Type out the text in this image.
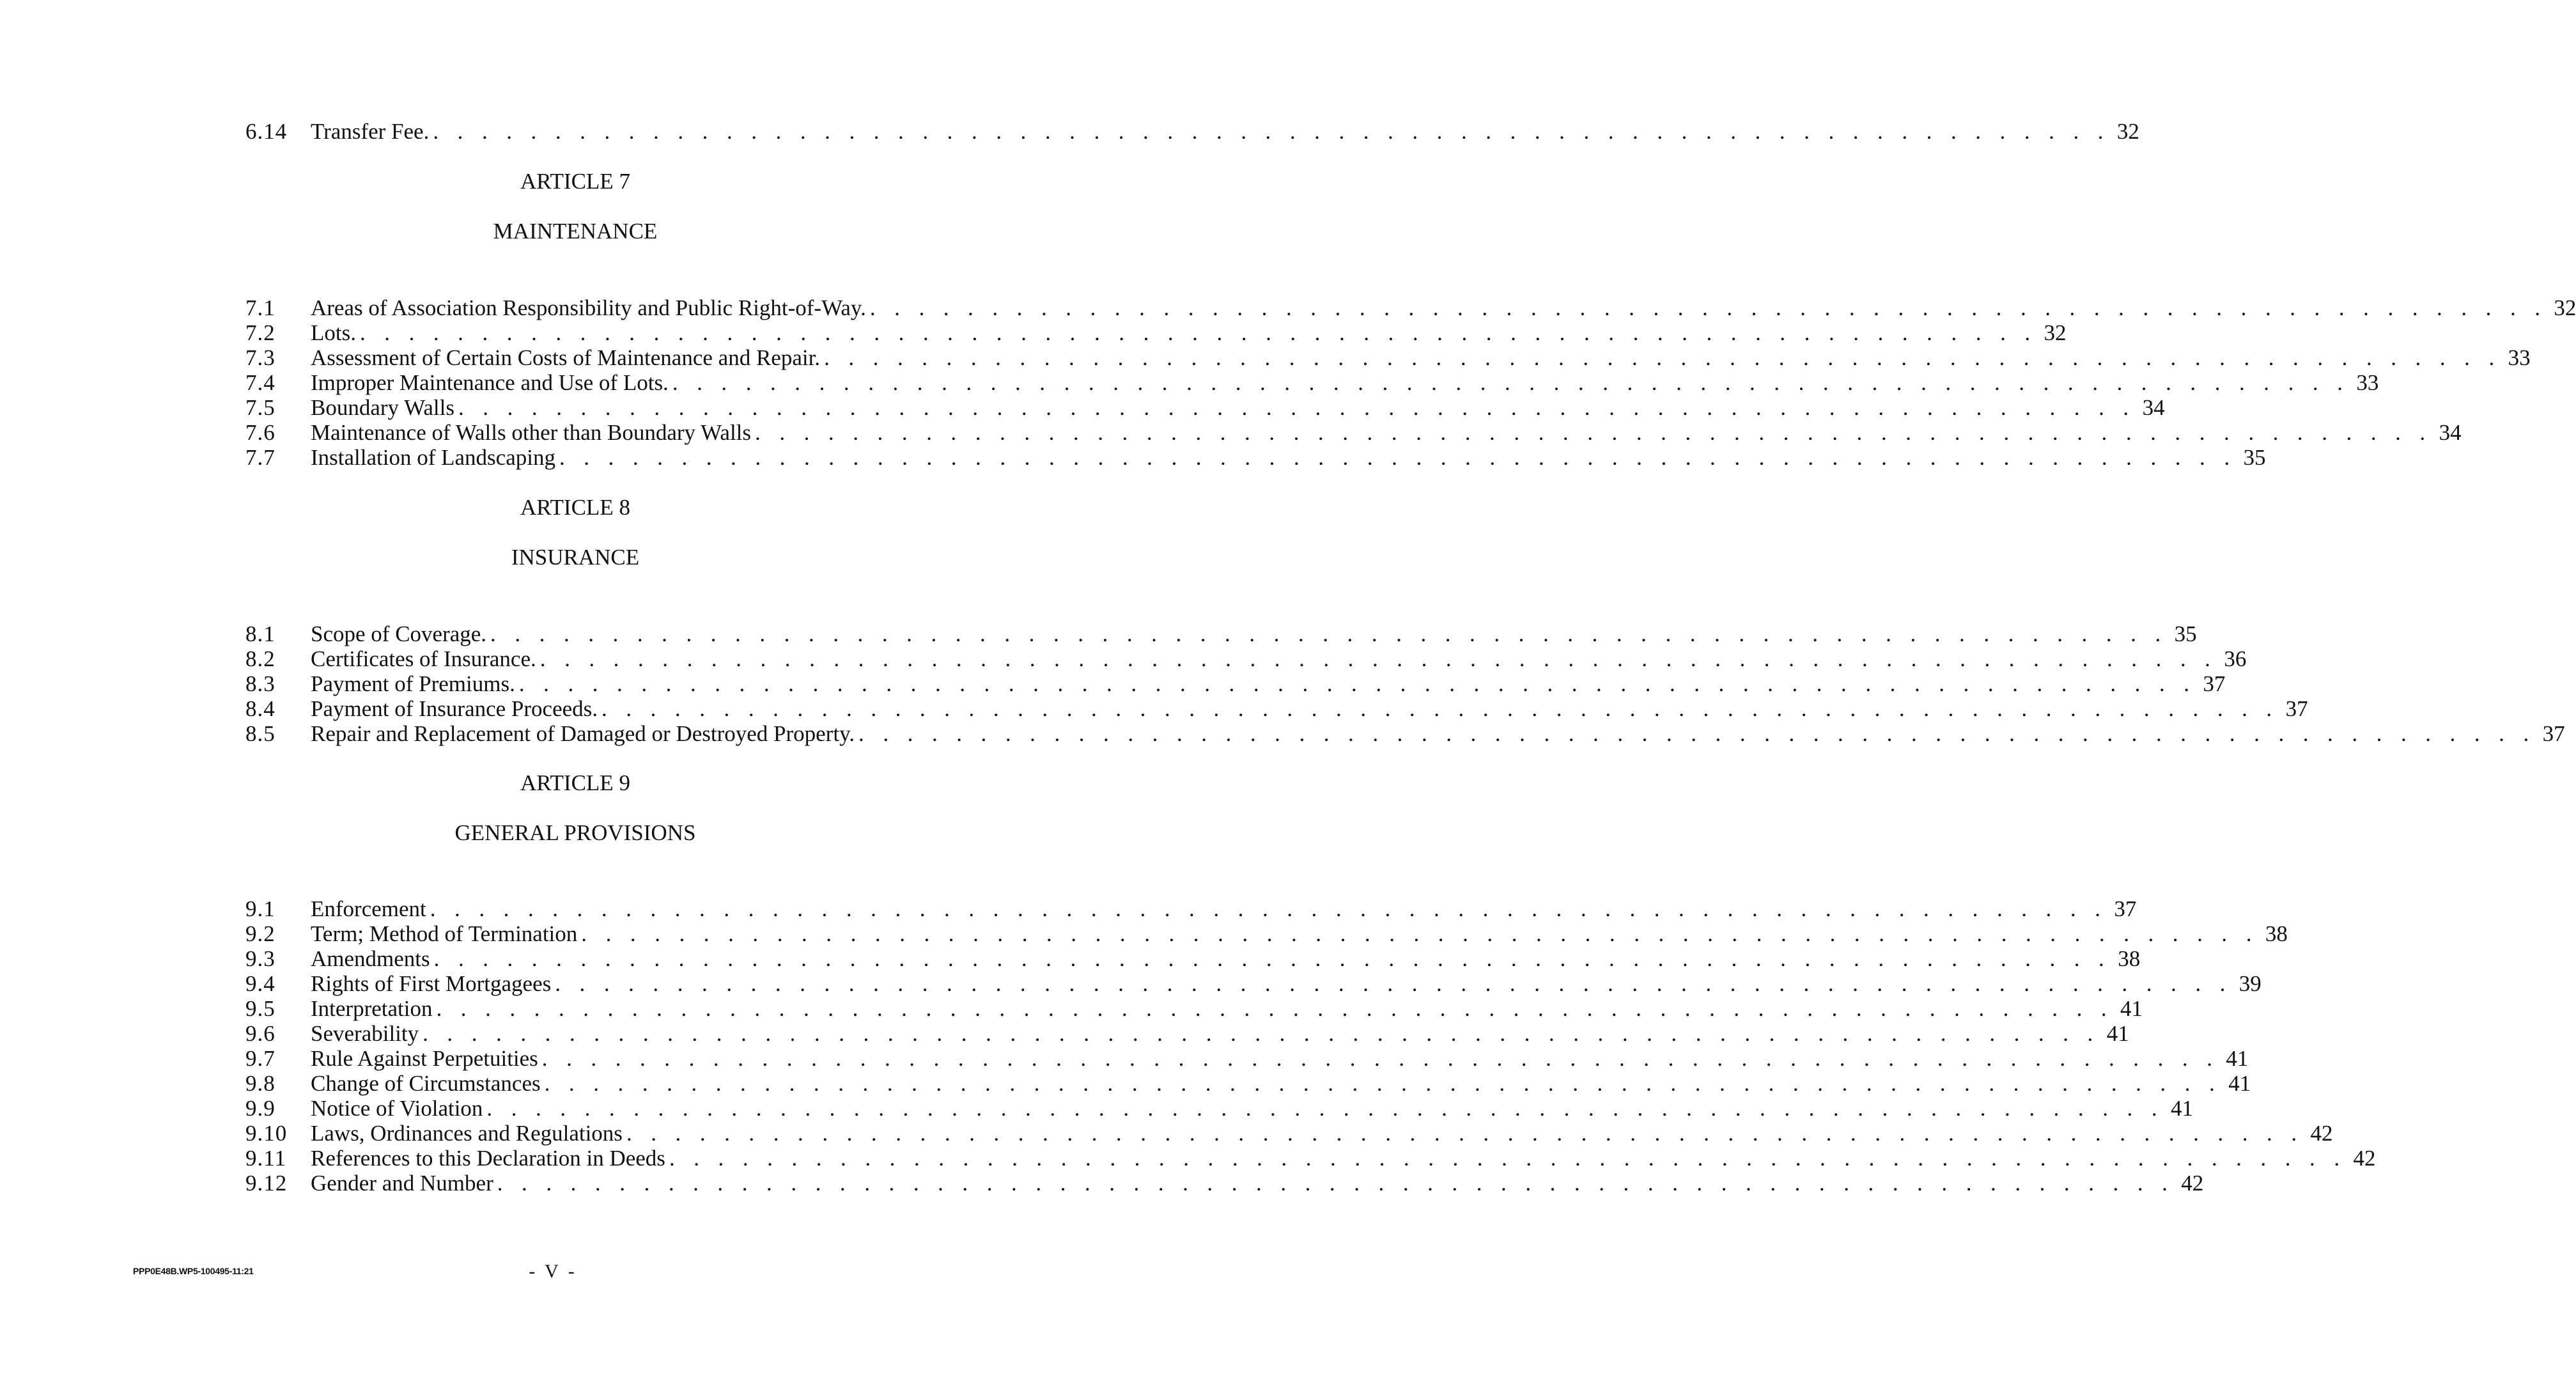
6.14	Transfer Fee. . . . . . . . . . . . . . . . . . . . . . . . . . . . . . . . . . . . . . . . . . . . . . . . . . . . . . . . . . . . . . . . . . . . . . 32
ARTICLE 7
MAINTENANCE
7.1	Areas of Association Responsibility and Public Right-of-Way. . . . . . . . . . . . . . . . . . . . . . . . . . . . . . . . . . . . . . . . . . . . . . . . . . . . . . . . . . . . . . . . . . . . . . 32
7.2	Lots. . . . . . . . . . . . . . . . . . . . . . . . . . . . . . . . . . . . . . . . . . . . . . . . . . . . . . . . . . . . . . . . . . . . . . 32
7.3	Assessment of Certain Costs of Maintenance and Repair. . . . . . . . . . . . . . . . . . . . . . . . . . . . . . . . . . . . . . . . . . . . . . . . . . . . . . . . . . . . . . . . . . . . . . 33
7.4	Improper Maintenance and Use of Lots. . . . . . . . . . . . . . . . . . . . . . . . . . . . . . . . . . . . . . . . . . . . . . . . . . . . . . . . . . . . . . . . . . . . . . 33
7.5	Boundary Walls . . . . . . . . . . . . . . . . . . . . . . . . . . . . . . . . . . . . . . . . . . . . . . . . . . . . . . . . . . . . . . . . . . . . . 34
7.6	Maintenance of Walls other than Boundary Walls . . . . . . . . . . . . . . . . . . . . . . . . . . . . . . . . . . . . . . . . . . . . . . . . . . . . . . . . . . . . . . . . . . . . . 34
7.7	Installation of Landscaping . . . . . . . . . . . . . . . . . . . . . . . . . . . . . . . . . . . . . . . . . . . . . . . . . . . . . . . . . . . . . . . . . . . . . 35
ARTICLE 8
INSURANCE
8.1	Scope of Coverage. . . . . . . . . . . . . . . . . . . . . . . . . . . . . . . . . . . . . . . . . . . . . . . . . . . . . . . . . . . . . . . . . . . . . . 35
8.2	Certificates of Insurance. . . . . . . . . . . . . . . . . . . . . . . . . . . . . . . . . . . . . . . . . . . . . . . . . . . . . . . . . . . . . . . . . . . . . . 36
8.3	Payment of Premiums. . . . . . . . . . . . . . . . . . . . . . . . . . . . . . . . . . . . . . . . . . . . . . . . . . . . . . . . . . . . . . . . . . . . . . 37
8.4	Payment of Insurance Proceeds. . . . . . . . . . . . . . . . . . . . . . . . . . . . . . . . . . . . . . . . . . . . . . . . . . . . . . . . . . . . . . . . . . . . . . 37
8.5	Repair and Replacement of Damaged or Destroyed Property. . . . . . . . . . . . . . . . . . . . . . . . . . . . . . . . . . . . . . . . . . . . . . . . . . . . . . . . . . . . . . . . . . . . . . 37
ARTICLE 9
GENERAL PROVISIONS
9.1	Enforcement . . . . . . . . . . . . . . . . . . . . . . . . . . . . . . . . . . . . . . . . . . . . . . . . . . . . . . . . . . . . . . . . . . . . . 37
9.2	Term; Method of Termination . . . . . . . . . . . . . . . . . . . . . . . . . . . . . . . . . . . . . . . . . . . . . . . . . . . . . . . . . . . . . . . . . . . . . 38
9.3	Amendments . . . . . . . . . . . . . . . . . . . . . . . . . . . . . . . . . . . . . . . . . . . . . . . . . . . . . . . . . . . . . . . . . . . . . 38
9.4	Rights of First Mortgagees . . . . . . . . . . . . . . . . . . . . . . . . . . . . . . . . . . . . . . . . . . . . . . . . . . . . . . . . . . . . . . . . . . . . . 39
9.5	Interpretation . . . . . . . . . . . . . . . . . . . . . . . . . . . . . . . . . . . . . . . . . . . . . . . . . . . . . . . . . . . . . . . . . . . . . 41
9.6	Severability . . . . . . . . . . . . . . . . . . . . . . . . . . . . . . . . . . . . . . . . . . . . . . . . . . . . . . . . . . . . . . . . . . . . . 41
9.7	Rule Against Perpetuities . . . . . . . . . . . . . . . . . . . . . . . . . . . . . . . . . . . . . . . . . . . . . . . . . . . . . . . . . . . . . . . . . . . . . 41
9.8	Change of Circumstances . . . . . . . . . . . . . . . . . . . . . . . . . . . . . . . . . . . . . . . . . . . . . . . . . . . . . . . . . . . . . . . . . . . . . 41
9.9	Notice of Violation . . . . . . . . . . . . . . . . . . . . . . . . . . . . . . . . . . . . . . . . . . . . . . . . . . . . . . . . . . . . . . . . . . . . . 41
9.10	Laws, Ordinances and Regulations . . . . . . . . . . . . . . . . . . . . . . . . . . . . . . . . . . . . . . . . . . . . . . . . . . . . . . . . . . . . . . . . . . . . . 42
9.11	References to this Declaration in Deeds . . . . . . . . . . . . . . . . . . . . . . . . . . . . . . . . . . . . . . . . . . . . . . . . . . . . . . . . . . . . . . . . . . . . . 42
9.12	Gender and Number . . . . . . . . . . . . . . . . . . . . . . . . . . . . . . . . . . . . . . . . . . . . . . . . . . . . . . . . . . . . . . . . . . . . . 42
PPP0E48B.WP5-100495-11:21	- V -
